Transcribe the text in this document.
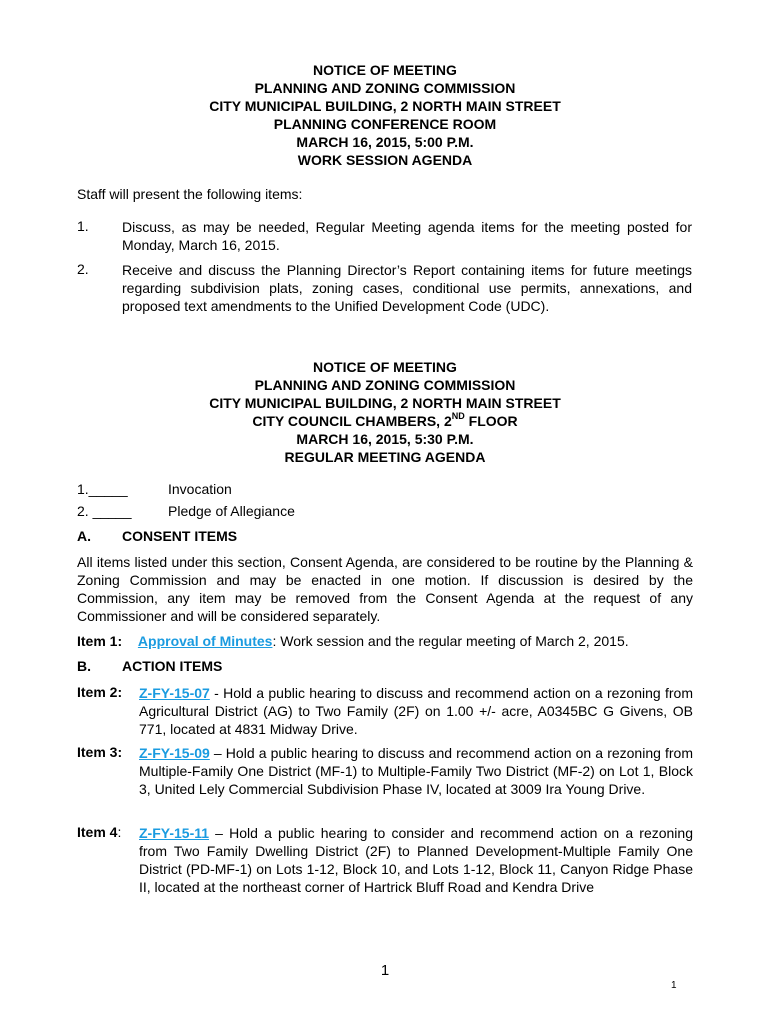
NOTICE OF MEETING
PLANNING AND ZONING COMMISSION
CITY MUNICIPAL BUILDING, 2 NORTH MAIN STREET
PLANNING CONFERENCE ROOM
MARCH 16, 2015, 5:00 P.M.
WORK SESSION AGENDA
Staff will present the following items:
1. Discuss, as may be needed, Regular Meeting agenda items for the meeting posted for Monday, March 16, 2015.
2. Receive and discuss the Planning Director’s Report containing items for future meetings regarding subdivision plats, zoning cases, conditional use permits, annexations, and proposed text amendments to the Unified Development Code (UDC).
NOTICE OF MEETING
PLANNING AND ZONING COMMISSION
CITY MUNICIPAL BUILDING, 2 NORTH MAIN STREET
CITY COUNCIL CHAMBERS, 2ND FLOOR
MARCH 16, 2015, 5:30 P.M.
REGULAR MEETING AGENDA
1._____	Invocation
2. _____	Pledge of Allegiance
A. CONSENT ITEMS
All items listed under this section, Consent Agenda, are considered to be routine by the Planning & Zoning Commission and may be enacted in one motion. If discussion is desired by the Commission, any item may be removed from the Consent Agenda at the request of any Commissioner and will be considered separately.
Item 1: Approval of Minutes: Work session and the regular meeting of March 2, 2015.
B. ACTION ITEMS
Item 2: Z-FY-15-07 - Hold a public hearing to discuss and recommend action on a rezoning from Agricultural District (AG) to Two Family (2F) on 1.00 +/- acre, A0345BC G Givens, OB 771, located at 4831 Midway Drive.
Item 3: Z-FY-15-09 – Hold a public hearing to discuss and recommend action on a rezoning from Multiple-Family One District (MF-1) to Multiple-Family Two District (MF-2) on Lot 1, Block 3, United Lely Commercial Subdivision Phase IV, located at 3009 Ira Young Drive.
Item 4: Z-FY-15-11 – Hold a public hearing to consider and recommend action on a rezoning from Two Family Dwelling District (2F) to Planned Development-Multiple Family One District (PD-MF-1) on Lots 1-12, Block 10, and Lots 1-12, Block 11, Canyon Ridge Phase II, located at the northeast corner of Hartrick Bluff Road and Kendra Drive
1
1
